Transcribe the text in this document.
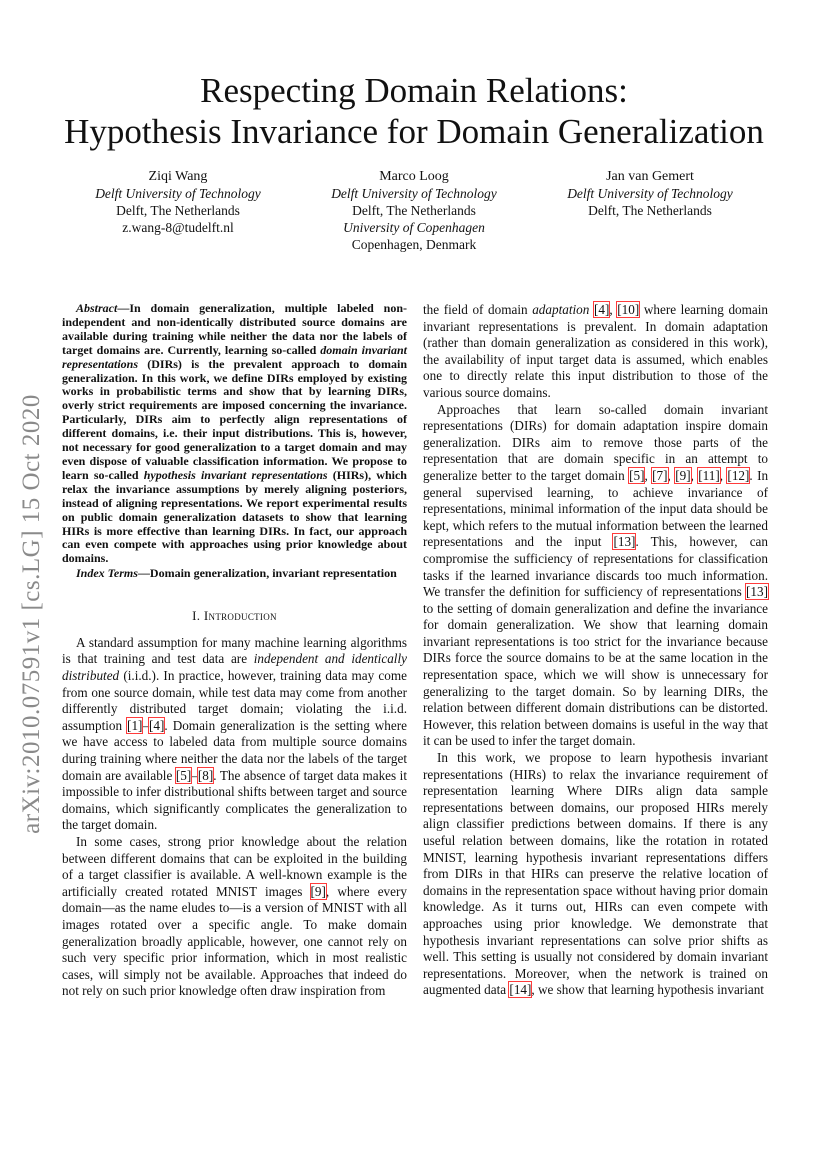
arXiv:2010.07591v1 [cs.LG] 15 Oct 2020
Respecting Domain Relations:
Hypothesis Invariance for Domain Generalization
Ziqi Wang
Delft University of Technology
Delft, The Netherlands
z.wang-8@tudelft.nl
Marco Loog
Delft University of Technology
Delft, The Netherlands
University of Copenhagen
Copenhagen, Denmark
Jan van Gemert
Delft University of Technology
Delft, The Netherlands

Abstract—In domain generalization, multiple labeled non-independent and non-identically distributed source domains are available during training while neither the data nor the labels of target domains are. Currently, learning so-called domain invariant representations (DIRs) is the prevalent approach to domain generalization. In this work, we define DIRs employed by existing works in probabilistic terms and show that by learning DIRs, overly strict requirements are imposed concerning the invariance. Particularly, DIRs aim to perfectly align representations of different domains, i.e. their input distributions. This is, however, not necessary for good generalization to a target domain and may even dispose of valuable classification information. We propose to learn so-called hypothesis invariant representations (HIRs), which relax the invariance assumptions by merely aligning posteriors, instead of aligning representations. We report experimental results on public domain generalization datasets to show that learning HIRs is more effective than learning DIRs. In fact, our approach can even compete with approaches using prior knowledge about domains.

Index Terms—Domain generalization, invariant representation

I. Introduction

A standard assumption for many machine learning algorithms is that training and test data are independent and identically distributed (i.i.d.). In practice, however, training data may come from one source domain, while test data may come from another differently distributed target domain; violating the i.i.d. assumption [1]–[4]. Domain generalization is the setting where we have access to labeled data from multiple source domains during training where neither the data nor the labels of the target domain are available [5]–[8]. The absence of target data makes it impossible to infer distributional shifts between target and source domains, which significantly complicates the generalization to the target domain.

In some cases, strong prior knowledge about the relation between different domains that can be exploited in the building of a target classifier is available. A well-known example is the artificially created rotated MNIST images [9], where every domain—as the name eludes to—is a version of MNIST with all images rotated over a specific angle. To make domain generalization broadly applicable, however, one cannot rely on such very specific prior information, which in most realistic cases, will simply not be available. Approaches that indeed do not rely on such prior knowledge often draw inspiration from

the field of domain adaptation [4], [10] where learning domain invariant representations is prevalent. In domain adaptation (rather than domain generalization as considered in this work), the availability of input target data is assumed, which enables one to directly relate this input distribution to those of the various source domains.

Approaches that learn so-called domain invariant representations (DIRs) for domain adaptation inspire domain generalization. DIRs aim to remove those parts of the representation that are domain specific in an attempt to generalize better to the target domain [5], [7], [9], [11], [12]. In general supervised learning, to achieve invariance of representations, minimal information of the input data should be kept, which refers to the mutual information between the learned representations and the input [13]. This, however, can compromise the sufficiency of representations for classification tasks if the learned invariance discards too much information. We transfer the definition for sufficiency of representations [13] to the setting of domain generalization and define the invariance for domain generalization. We show that learning domain invariant representations is too strict for the invariance because DIRs force the source domains to be at the same location in the representation space, which we will show is unnecessary for generalizing to the target domain. So by learning DIRs, the relation between different domain distributions can be distorted. However, this relation between domains is useful in the way that it can be used to infer the target domain.

In this work, we propose to learn hypothesis invariant representations (HIRs) to relax the invariance requirement of representation learning Where DIRs align data sample representations between domains, our proposed HIRs merely align classifier predictions between domains. If there is any useful relation between domains, like the rotation in rotated MNIST, learning hypothesis invariant representations differs from DIRs in that HIRs can preserve the relative location of domains in the representation space without having prior domain knowledge. As it turns out, HIRs can even compete with approaches using prior knowledge. We demonstrate that hypothesis invariant representations can solve prior shifts as well. This setting is usually not considered by domain invariant representations. Moreover, when the network is trained on augmented data [14], we show that learning hypothesis invariant
